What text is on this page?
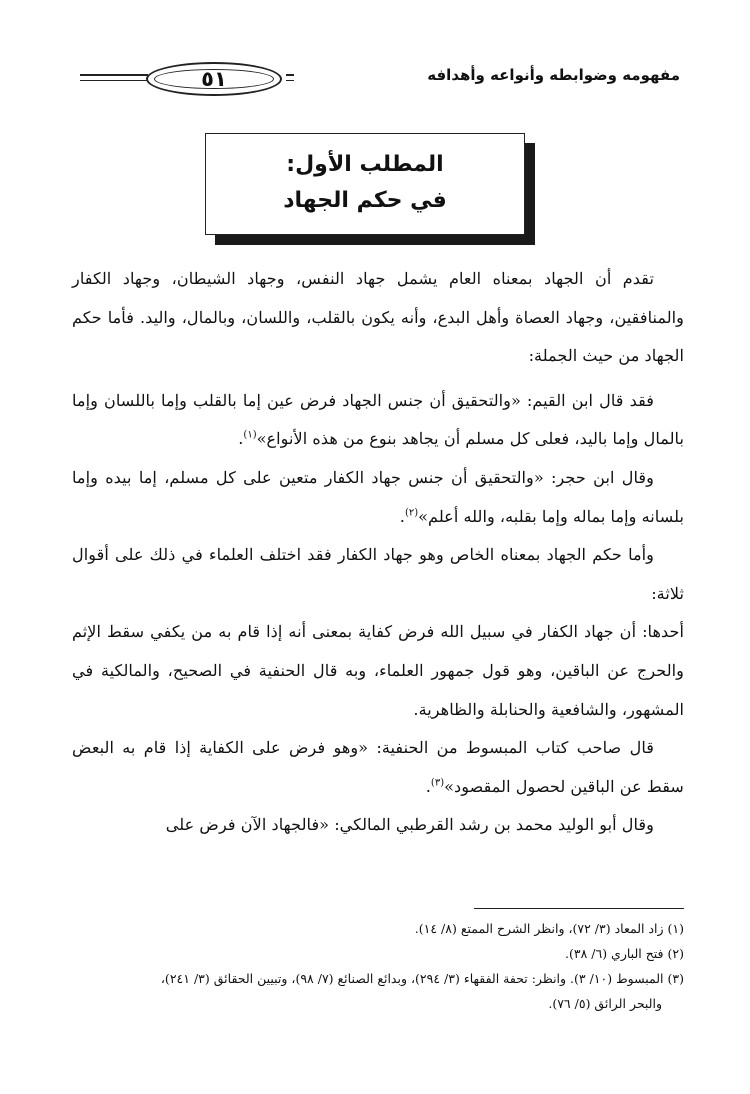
٥١	مفهومه وضوابطه وأنواعه وأهدافه
المطلب الأول:
في حكم الجهاد

تقدم أن الجهاد بمعناه العام يشمل جهاد النفس، وجهاد الشيطان، وجهاد الكفار والمنافقين، وجهاد العصاة وأهل البدع، وأنه يكون بالقلب، واللسان، وبالمال، واليد. فأما حكم الجهاد من حيث الجملة:

فقد قال ابن القيم: «والتحقيق أن جنس الجهاد فرض عين إما بالقلب وإما باللسان وإما بالمال وإما باليد، فعلى كل مسلم أن يجاهد بنوع من هذه الأنواع»$^{(١)}$.

وقال ابن حجر: «والتحقيق أن جنس جهاد الكفار متعين على كل مسلم، إما بيده وإما بلسانه وإما بماله وإما بقلبه، والله أعلم»$^{(٢)}$.

وأما حكم الجهاد بمعناه الخاص وهو جهاد الكفار فقد اختلف العلماء في ذلك على أقوال ثلاثة:

أحدها: أن جهاد الكفار في سبيل الله فرض كفاية بمعنى أنه إذا قام به من يكفي سقط الإثم والحرج عن الباقين، وهو قول جمهور العلماء، وبه قال الحنفية في الصحيح، والمالكية في المشهور، والشافعية والحنابلة والظاهرية.

قال صاحب كتاب المبسوط من الحنفية: «وهو فرض على الكفاية إذا قام به البعض سقط عن الباقين لحصول المقصود»$^{(٣)}$.

وقال أبو الوليد محمد بن رشد القرطبي المالكي: «فالجهاد الآن فرض على

(١) زاد المعاد (٣/ ٧٢)، وانظر الشرح الممتع (٨/ ١٤).
(٢) فتح الباري (٦/ ٣٨).
(٣) المبسوط (١٠/ ٣). وانظر: تحفة الفقهاء (٣/ ٢٩٤)، وبدائع الصنائع (٧/ ٩٨)، وتبيين الحقائق (٣/ ٢٤١)،
والبحر الرائق (٥/ ٧٦).
